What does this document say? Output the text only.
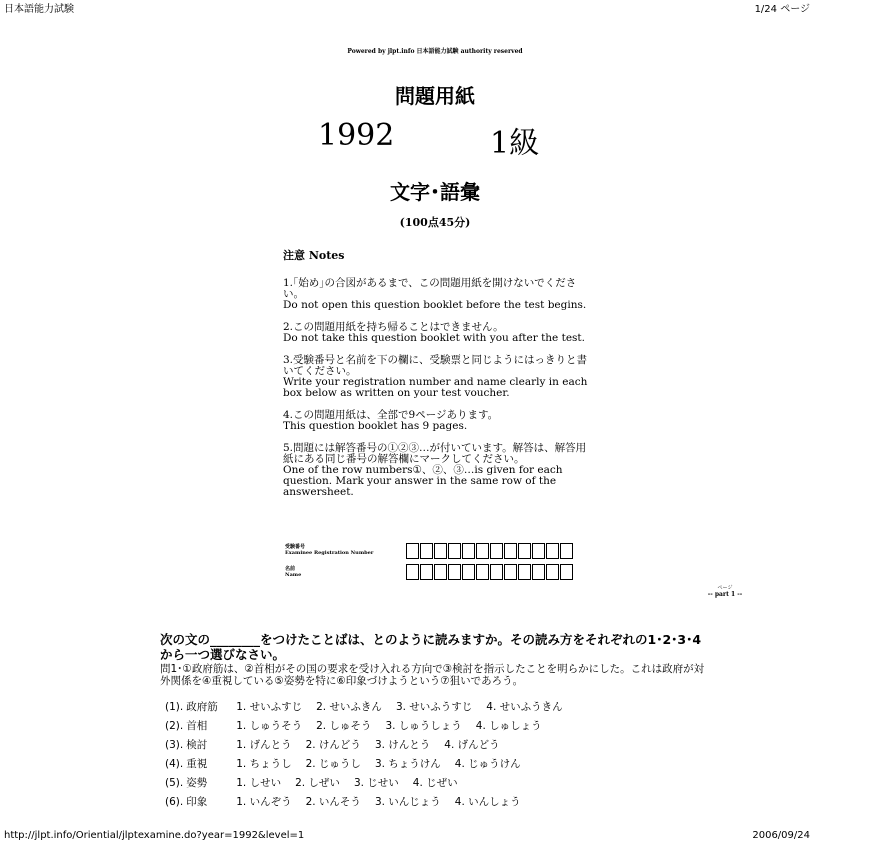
日本語能力試験	1/24 ページ
Powered by jlpt.info 日本語能力試験 authority reserved
問題用紙
1992	1級
文字･語彙
(100点45分)
注意 Notes
1.｢始め｣の合図があるまで、この問題用紙を開けないでください。
Do not open this question booklet before the test begins.
2.この問題用紙を持ち帰ることはできません。
Do not take this question booklet with you after the test.
3.受験番号と名前を下の欄に、受験票と同じようにはっきりと書いてください。
Write your registration number and name clearly in each box below as written on your test voucher.
4.この問題用紙は、全部で9ページあります。
This question booklet has 9 pages.
5.問題には解答番号の①②③…が付いています。解答は、解答用紙にある同じ番号の解答欄にマークしてください。
One of the row numbers①、②、③…is given for each question. Mark your answer in the same row of the answersheet.
受験番号
Examinee Registration Number
名前
Name
ページ
-- part 1 --
次の文の________をつけたことばは、とのように読みますか。その読み方をそれぞれの1･2･3･4から一つ選びなさい。
問1･①政府筋は、②首相がその国の要求を受け入れる方向で③検討を指示したことを明らかにした。これは政府が対外関係を④重視している⑤姿勢を特に⑥印象づけようという⑦狙いであろう。
(1). 政府筋 1. せいふすじ 2. せいふきん 3. せいふうすじ 4. せいふうきん
(2). 首相	1. しゅうそう 2. しゅそう 3. しゅうしょう 4. しゅしょう
(3). 検討	1. げんとう 2. けんどう 3. けんとう 4. げんどう
(4). 重視	1. ちょうし 2. じゅうし 3. ちょうけん 4. じゅうけん
(5). 姿勢	1. しせい 2. しぜい 3. じせい 4. じぜい
(6). 印象	1. いんぞう 2. いんそう 3. いんじょう 4. いんしょう
http://jlpt.info/Oriential/jlptexamine.do?year=1992&level=1	2006/09/24
